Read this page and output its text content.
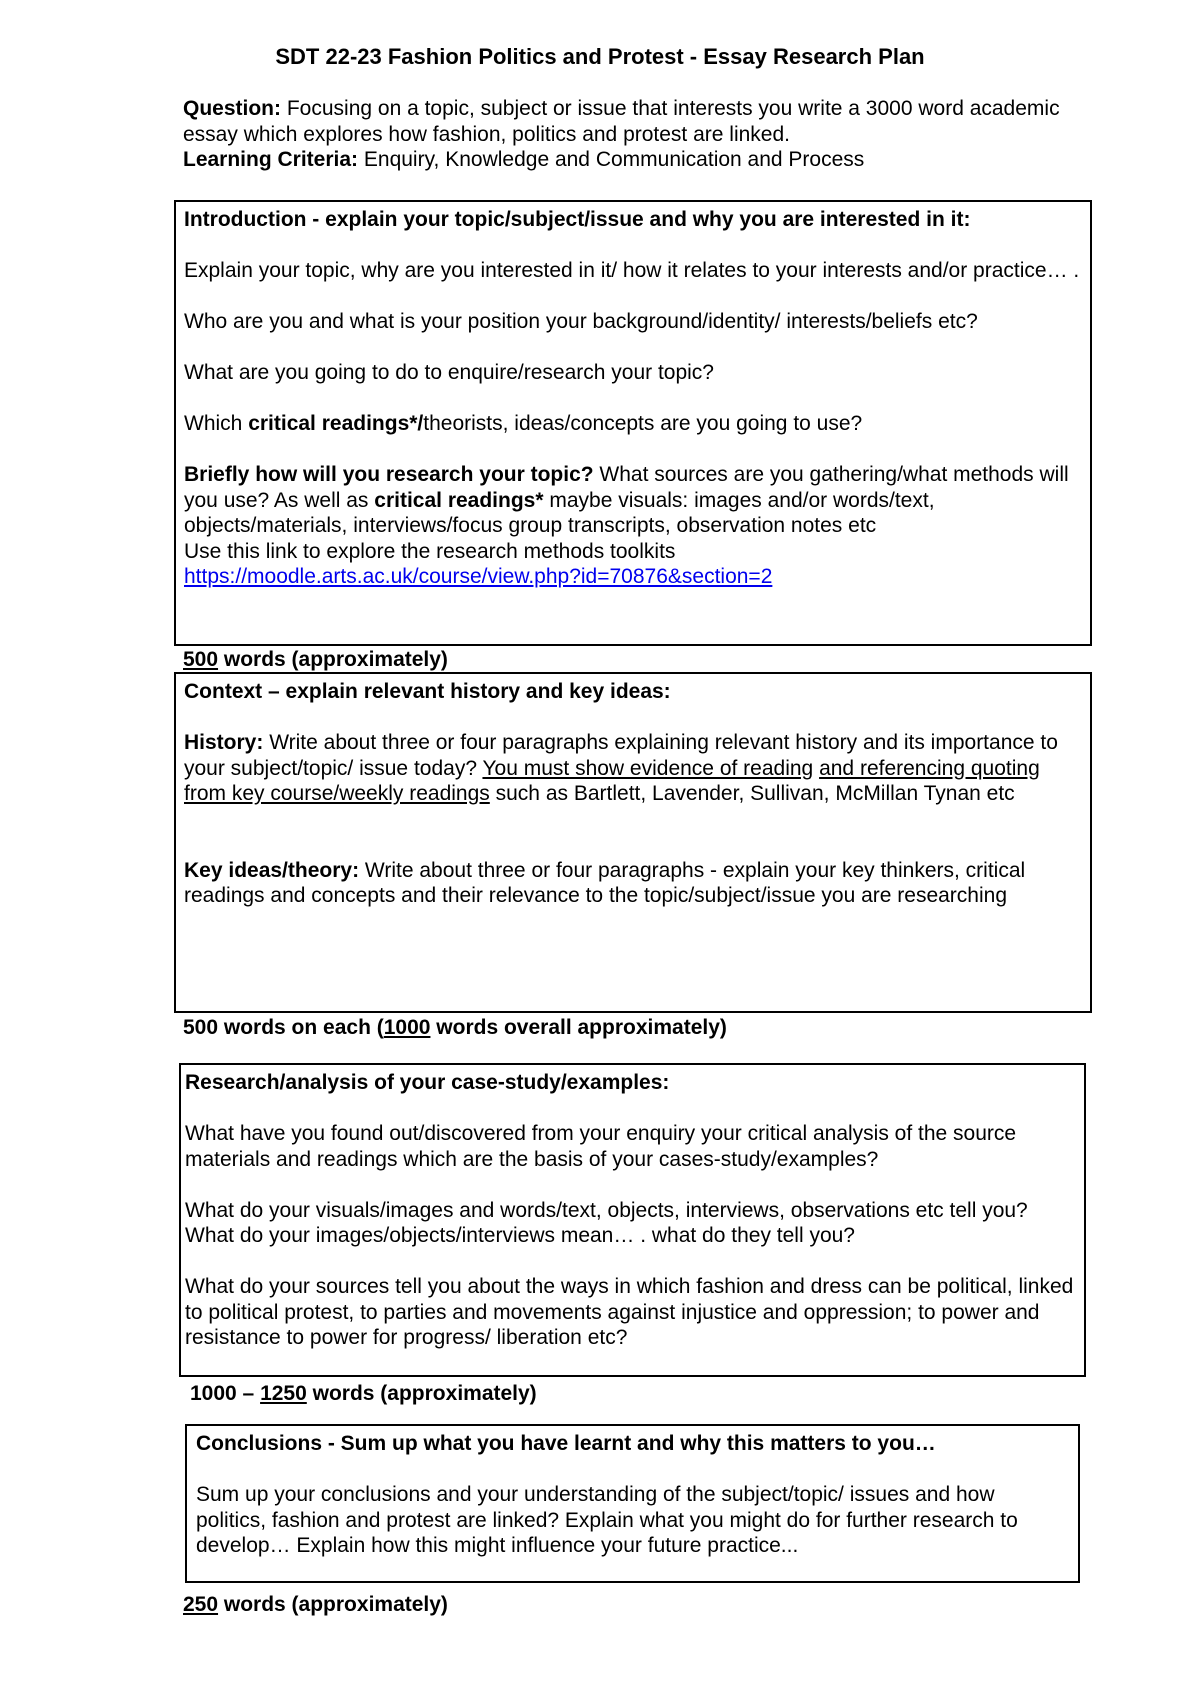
SDT 22-23 Fashion Politics and Protest - Essay Research Plan
Question: Focusing on a topic, subject or issue that interests you write a 3000 word academic essay which explores how fashion, politics and protest are linked.
Learning Criteria: Enquiry, Knowledge and Communication and Process

Introduction - explain your topic/subject/issue and why you are interested in it:

Explain your topic, why are you interested in it/ how it relates to your interests and/or practice… .

Who are you and what is your position your background/identity/ interests/beliefs etc?

What are you going to do to enquire/research your topic?

Which critical readings*/theorists, ideas/concepts are you going to use?

Briefly how will you research your topic? What sources are you gathering/what methods will you use? As well as critical readings* maybe visuals: images and/or words/text, objects/materials, interviews/focus group transcripts, observation notes etc

Use this link to explore the research methods toolkits
https://moodle.arts.ac.uk/course/view.php?id=70876&section=2
500 words (approximately)

Context – explain relevant history and key ideas:

History: Write about three or four paragraphs explaining relevant history and its importance to your subject/topic/ issue today? You must show evidence of reading and referencing quoting from key course/weekly readings such as Bartlett, Lavender, Sullivan, McMillan Tynan etc

Key ideas/theory: Write about three or four paragraphs - explain your key thinkers, critical readings and concepts and their relevance to the topic/subject/issue you are researching

500 words on each (1000 words overall approximately)

Research/analysis of your case-study/examples:

What have you found out/discovered from your enquiry your critical analysis of the source materials and readings which are the basis of your cases-study/examples?

What do your visuals/images and words/text, objects, interviews, observations etc tell you?

What do your images/objects/interviews mean… . what do they tell you?

What do your sources tell you about the ways in which fashion and dress can be political, linked to political protest, to parties and movements against injustice and oppression; to power and resistance to power for progress/ liberation etc?

1000 – 1250 words (approximately)

Conclusions - Sum up what you have learnt and why this matters to you…

Sum up your conclusions and your understanding of the subject/topic/ issues and how politics, fashion and protest are linked? Explain what you might do for further research to develop… Explain how this might influence your future practice...

250 words (approximately)
